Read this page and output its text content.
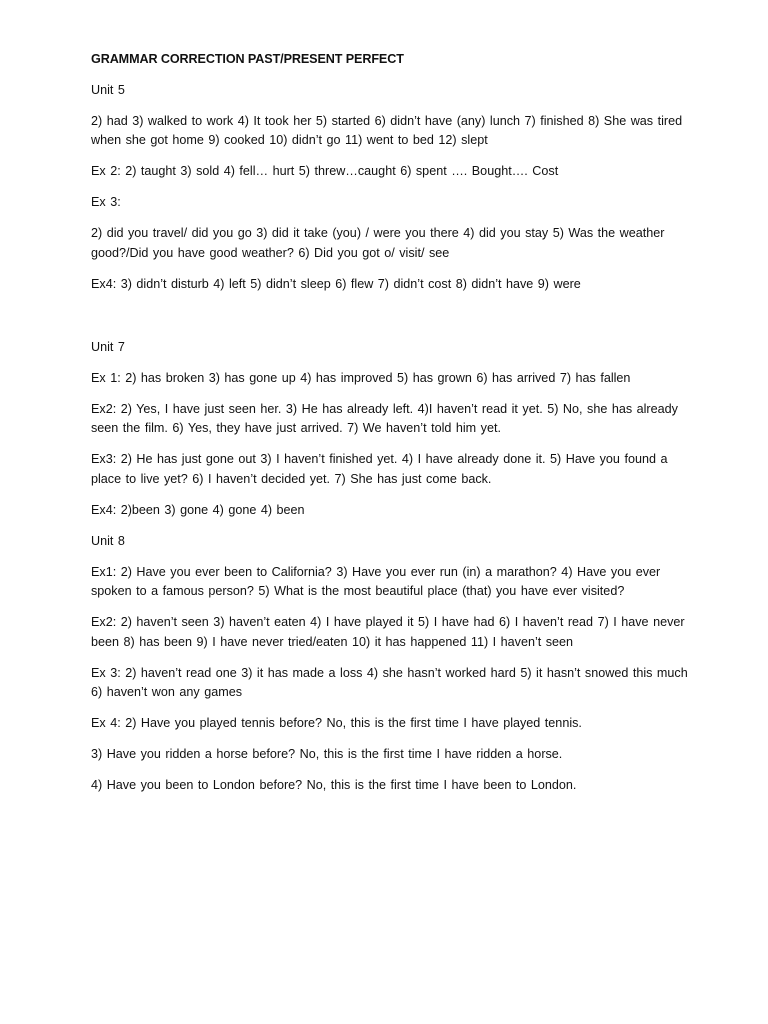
GRAMMAR CORRECTION PAST/PRESENT PERFECT
Unit 5
2) had 3) walked to work 4) It took her 5) started 6) didn’t have (any) lunch 7) finished 8) She was tired when she got home 9) cooked 10) didn’t go 11) went to bed 12) slept
Ex 2: 2) taught 3) sold 4) fell… hurt 5) threw…caught 6) spent …. Bought…. Cost
Ex 3:
2) did you travel/ did you go 3) did it take (you) / were you there 4) did you stay 5) Was the weather good?/Did you have good weather? 6) Did you got o/ visit/ see
Ex4: 3) didn’t disturb 4) left 5) didn’t sleep 6) flew 7) didn’t cost 8) didn’t have 9) were
Unit 7
Ex 1: 2) has broken 3) has gone up 4) has improved 5) has grown 6) has arrived 7) has fallen
Ex2: 2) Yes, I have just seen her. 3) He has already left. 4)I haven’t read it yet. 5) No, she has already seen the film. 6) Yes, they have just arrived. 7) We haven’t told him yet.
Ex3: 2) He has just gone out 3) I haven’t finished yet. 4) I have already done it. 5) Have you found a place to live yet? 6) I haven’t decided yet. 7) She has just come back.
Ex4: 2)been 3) gone 4) gone 4) been
Unit 8
Ex1: 2) Have you ever been to California? 3) Have you ever run (in) a marathon? 4) Have you ever spoken to a famous person? 5) What is the most beautiful place (that) you have ever visited?
Ex2: 2) haven’t seen 3) haven’t eaten 4) I have played it 5) I have had 6) I haven’t read 7) I have never been 8) has been 9) I have never tried/eaten 10) it has happened 11) I haven’t seen
Ex 3: 2) haven’t read one 3) it has made a loss 4) she hasn’t worked hard 5) it hasn’t snowed this much 6) haven’t won any games
Ex 4: 2) Have you played tennis before? No, this is the first time I have played tennis.
3) Have you ridden a horse before? No, this is the first time I have ridden a horse.
4) Have you been to London before? No, this is the first time I have been to London.
